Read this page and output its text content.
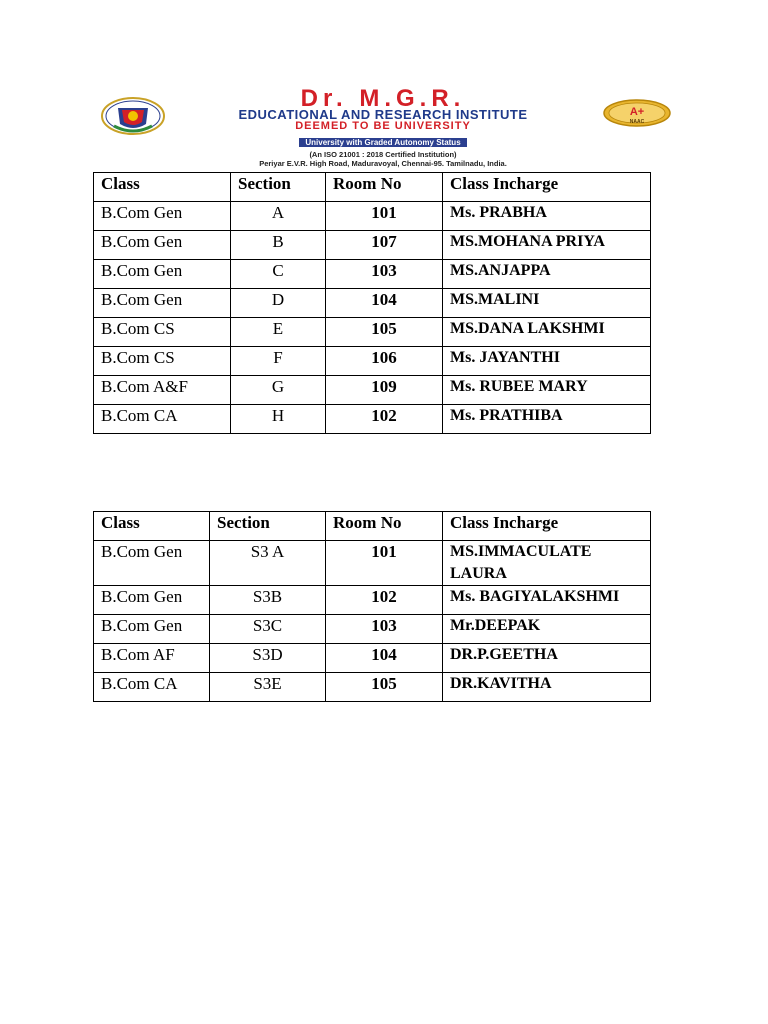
Dr. M.G.R.

EDUCATIONAL AND RESEARCH INSTITUTE

DEEMED TO BE UNIVERSITY

University with Graded Autonomy Status

(An ISO 21001 : 2018 Certified Institution)

Periyar E.V.R. High Road, Maduravoyal, Chennai-95. Tamilnadu, India.

A+
NAAC
Class	Section	Room No	Class Incharge
B.Com Gen	A	101	Ms. PRABHA
B.Com Gen	B	107	MS.MOHANA PRIYA
B.Com Gen	C	103	MS.ANJAPPA
B.Com Gen	D	104	MS.MALINI
B.Com CS	E	105	MS.DANA LAKSHMI
B.Com CS	F	106	Ms. JAYANTHI
B.Com A&F	G	109	Ms. RUBEE MARY
B.Com CA	H	102	Ms. PRATHIBA
Class	Section	Room No	Class Incharge
B.Com Gen	S3 A	101	MS.IMMACULATE LAURA
B.Com Gen	S3B	102	Ms. BAGIYALAKSHMI
B.Com Gen	S3C	103	Mr.DEEPAK
B.Com AF	S3D	104	DR.P.GEETHA
B.Com CA	S3E	105	DR.KAVITHA
